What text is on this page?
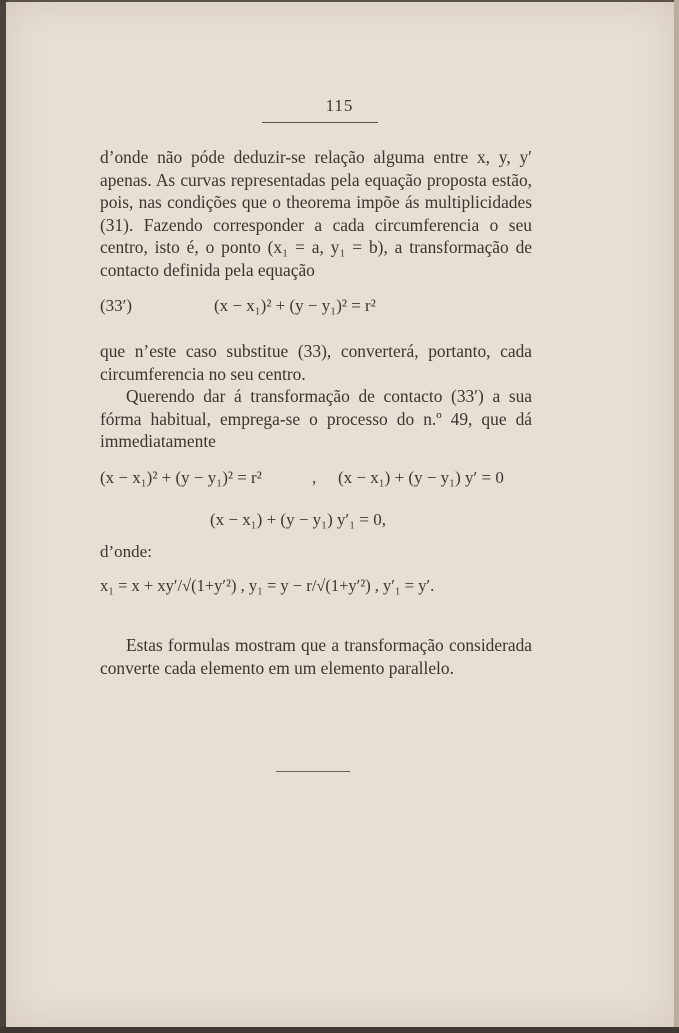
115

d’onde não póde deduzir-se relação alguma entre x, y, y′ apenas. As curvas representadas pela equação proposta estão, pois, nas condições que o theorema impõe ás multiplicidades (31). Fazendo corresponder a cada circumferencia o seu centro, isto é, o ponto (x₁ = a, y₁ = b), a transformação de contacto definida pela equação

(33′)	(x − x₁)² + (y − y₁)² = r²

que n’este caso substitue (33), converterá, portanto, cada circumferencia no seu centro.

Querendo dar á transformação de contacto (33′) a sua fórma habitual, emprega-se o processo do n.º 49, que dá immediatamente

(x − x₁)² + (y − y₁)² = r²	, (x − x₁) + (y − y₁) y′ = 0
(x − x₁) + (y − y₁) y′₁ = 0,
d’onde:
x₁ = x + xy′/√(1+y′²) , y₁ = y − r/√(1+y′²) , y′₁ = y′.

Estas formulas mostram que a transformação considerada converte cada elemento em um elemento parallelo.
